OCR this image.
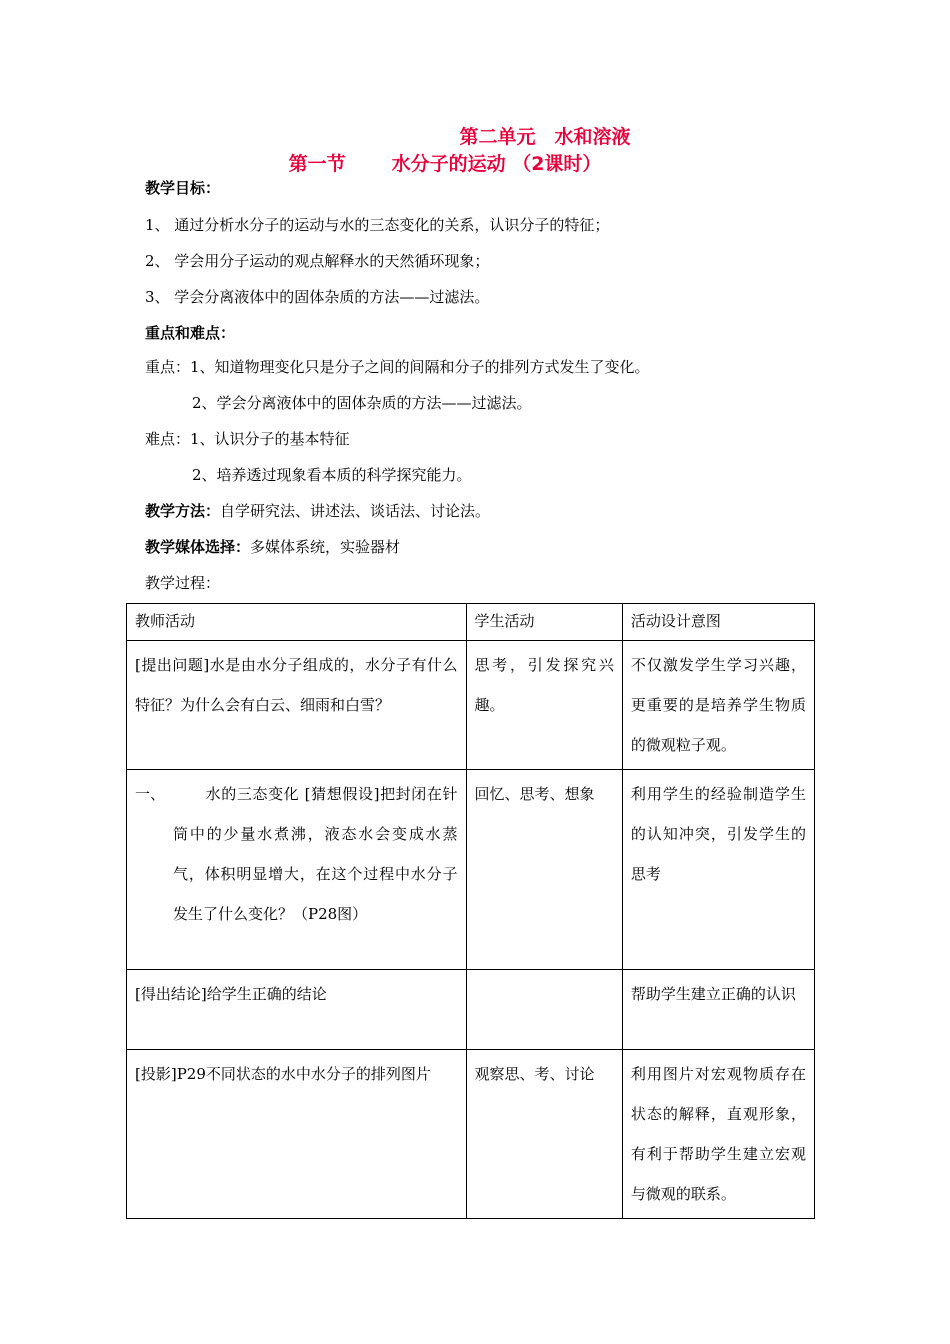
第二单元　水和溶液
第一节 水分子的运动 （2课时）
教学目标：
1、 通过分析水分子的运动与水的三态变化的关系，认识分子的特征；
2、 学会用分子运动的观点解释水的天然循环现象；
3、 学会分离液体中的固体杂质的方法——过滤法。
重点和难点：
重点：1、知道物理变化只是分子之间的间隔和分子的排列方式发生了变化。
2、学会分离液体中的固体杂质的方法——过滤法。
难点：1、认识分子的基本特征
2、培养透过现象看本质的科学探究能力。
教学方法：自学研究法、讲述法、谈话法、讨论法。
教学媒体选择：多媒体系统，实验器材
教学过程：
教师活动	学生活动	活动设计意图
[提出问题]水是由水分子组成的，水分子有什么特征？为什么会有白云、细雨和白雪？	思考，引发探究兴趣。	不仅激发学生学习兴趣，更重要的是培养学生物质的微观粒子观。

一、 水的三态变化 [猜想假设]把封闭在针筒中的少量水煮沸，液态水会变成水蒸气，体积明显增大，在这个过程中水分子发生了什么变化？（P28图）	回忆、思考、想象	利用学生的经验制造学生的认知冲突，引发学生的思考
[得出结论]给学生正确的结论		帮助学生建立正确的认识
[投影]P29不同状态的水中水分子的排列图片	观察思、考、讨论	利用图片对宏观物质存在状态的解释，直观形象，有利于帮助学生建立宏观与微观的联系。
